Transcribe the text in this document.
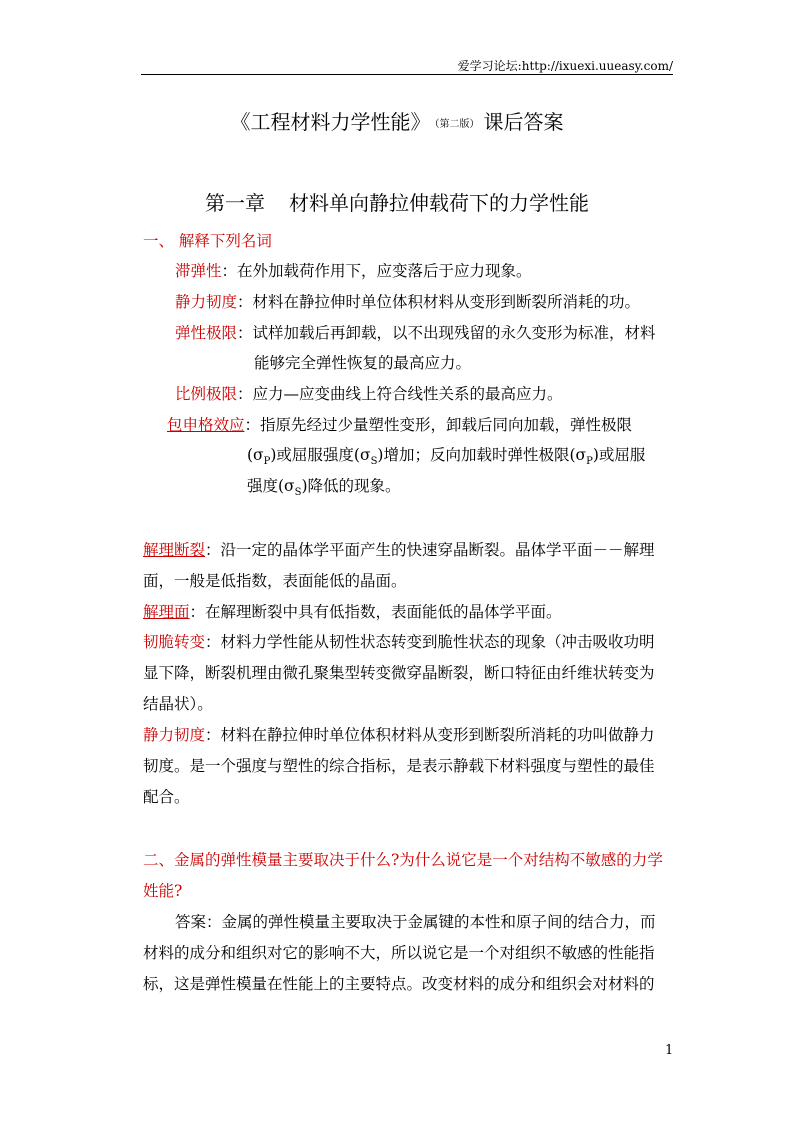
爱学习论坛:http://ixuexi.uueasy.com/
《工程材料力学性能》 （第二版） 课后答案
第一章 材料单向静拉伸载荷下的力学性能
一、 解释下列名词
滞弹性：在外加载荷作用下，应变落后于应力现象。
静力韧度：材料在静拉伸时单位体积材料从变形到断裂所消耗的功。
弹性极限：试样加载后再卸载，以不出现残留的永久变形为标准，材料
能够完全弹性恢复的最高应力。
比例极限：应力—应变曲线上符合线性关系的最高应力。
包申格效应：指原先经过少量塑性变形，卸载后同向加载，弹性极限
$(\sigma_P)$或屈服强度$(\sigma_S)$增加；反向加载时弹性极限$(\sigma_P)$或屈服
强度$(\sigma_S)$降低的现象。
解理断裂：沿一定的晶体学平面产生的快速穿晶断裂。晶体学平面－－解理
面，一般是低指数，表面能低的晶面。
解理面：在解理断裂中具有低指数，表面能低的晶体学平面。
韧脆转变：材料力学性能从韧性状态转变到脆性状态的现象（冲击吸收功明
显下降，断裂机理由微孔聚集型转变微穿晶断裂，断口特征由纤维状转变为
结晶状）。
静力韧度：材料在静拉伸时单位体积材料从变形到断裂所消耗的功叫做静力
韧度。是一个强度与塑性的综合指标，是表示静载下材料强度与塑性的最佳
配合。
二、金属的弹性模量主要取决于什么?为什么说它是一个对结构不敏感的力学
姓能?
答案：金属的弹性模量主要取决于金属键的本性和原子间的结合力，而
材料的成分和组织对它的影响不大，所以说它是一个对组织不敏感的性能指
标，这是弹性模量在性能上的主要特点。改变材料的成分和组织会对材料的
1
